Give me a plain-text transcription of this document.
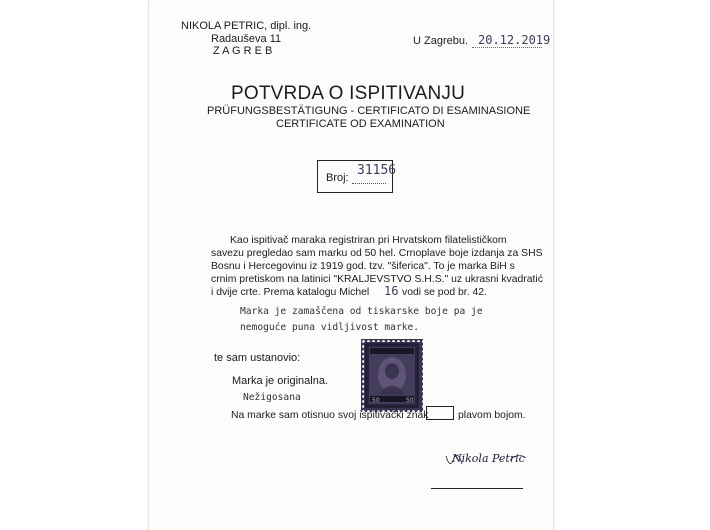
NIKOLA PETRIC, dipl. ing.
Radauševa 11
Z A G R E B
U Zagrebu. 20.12.2019
POTVRDA O ISPITIVANJU
PRÜFUNGSBESTÄTIGUNG - CERTIFICATO DI ESAMINASIONE
CERTIFICATE OD EXAMINATION
Broj: 31156
Kao ispitivač maraka registriran pri Hrvatskom filatelističkom
savezu pregledao sam marku od 50 hel. Crnoplave boje izdanja za SHS
Bosnu i Hercegovinu iz 1919 god. tzv. "šiferica". To je marka BiH s
crnim pretiskom na latinici "KRALJEVSTVO S.H.S." uz ukrasni kvadratić
i dvije crte. Prema katalogu Michel 16 vodi se pod br. 42.
Marka je zamaščena od tiskarske boje pa je
nemoguće puna vidljivost marke.
50	50
te sam ustanovio:
Marka je originalna.
Nežigosana
Na marke sam otisnuo svoj ispitivački znak	plavom bojom.
Nikola Petric
